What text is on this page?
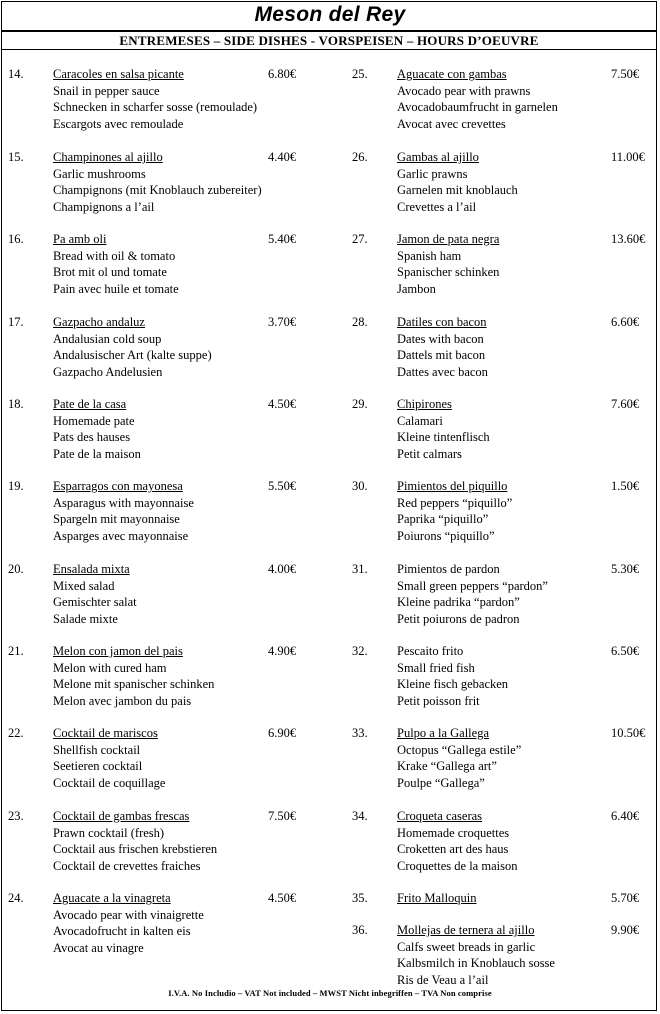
Meson del Rey
ENTREMESES – SIDE DISHES - VORSPEISEN – HOURS D’OEUVRE
14. Caracoles en salsa picante	6.80€
Snail in pepper sauce
Schnecken in scharfer sosse (remoulade)
Escargots avec remoulade
15. Champinones al ajillo	4.40€
Garlic mushrooms
Champignons (mit Knoblauch zubereiter)
Champignons a l’ail
16. Pa amb oli	5.40€
Bread with oil & tomato
Brot mit ol und tomate
Pain avec huile et tomate
17. Gazpacho andaluz	3.70€
Andalusian cold soup
Andalusischer Art (kalte suppe)
Gazpacho Andelusien
18. Pate de la casa	4.50€
Homemade pate
Pats des hauses
Pate de la maison
19. Esparragos con mayonesa	5.50€
Asparagus with mayonnaise
Spargeln mit mayonnaise
Asparges avec mayonnaise
20. Ensalada mixta	4.00€
Mixed salad
Gemischter salat
Salade mixte
21. Melon con jamon del pais	4.90€
Melon with cured ham
Melone mit spanischer schinken
Melon avec jambon du pais
22. Cocktail de mariscos	6.90€
Shellfish cocktail
Seetieren cocktail
Cocktail de coquillage
23. Cocktail de gambas frescas	7.50€
Prawn cocktail (fresh)
Cocktail aus frischen krebstieren
Cocktail de crevettes fraiches
24. Aguacate a la vinagreta	4.50€
Avocado pear with vinaigrette
Avocadofrucht in kalten eis
Avocat au vinagre
25. Aguacate con gambas	7.50€
Avocado pear with prawns
Avocadobaumfrucht in garnelen
Avocat avec crevettes
26. Gambas al ajillo	11.00€
Garlic prawns
Garnelen mit knoblauch
Crevettes a l’ail
27. Jamon de pata negra	13.60€
Spanish ham
Spanischer schinken
Jambon
28. Datiles con bacon	6.60€
Dates with bacon
Dattels mit bacon
Dattes avec bacon
29. Chipirones	7.60€
Calamari
Kleine tintenflisch
Petit calmars
30. Pimientos del piquillo	1.50€
Red peppers “piquillo”
Paprika “piquillo”
Poiurons “piquillo”
31. Pimientos de pardon	5.30€
Small green peppers “pardon”
Kleine padrika “pardon”
Petit poiurons de padron
32. Pescaito frito	6.50€
Small fried fish
Kleine fisch gebacken
Petit poisson frit
33. Pulpo a la Gallega	10.50€
Octopus “Gallega estile”
Krake “Gallega art”
Poulpe “Gallega”
34. Croqueta caseras	6.40€
Homemade croquettes
Croketten art des haus
Croquettes de la maison
35. Frito Malloquin	5.70€
36. Mollejas de ternera al ajillo	9.90€
Calfs sweet breads in garlic
Kalbsmilch in Knoblauch sosse
Ris de Veau a l’ail
I.V.A. No Includio – VAT Not included – MWST Nicht inbegriffen – TVA Non comprise
